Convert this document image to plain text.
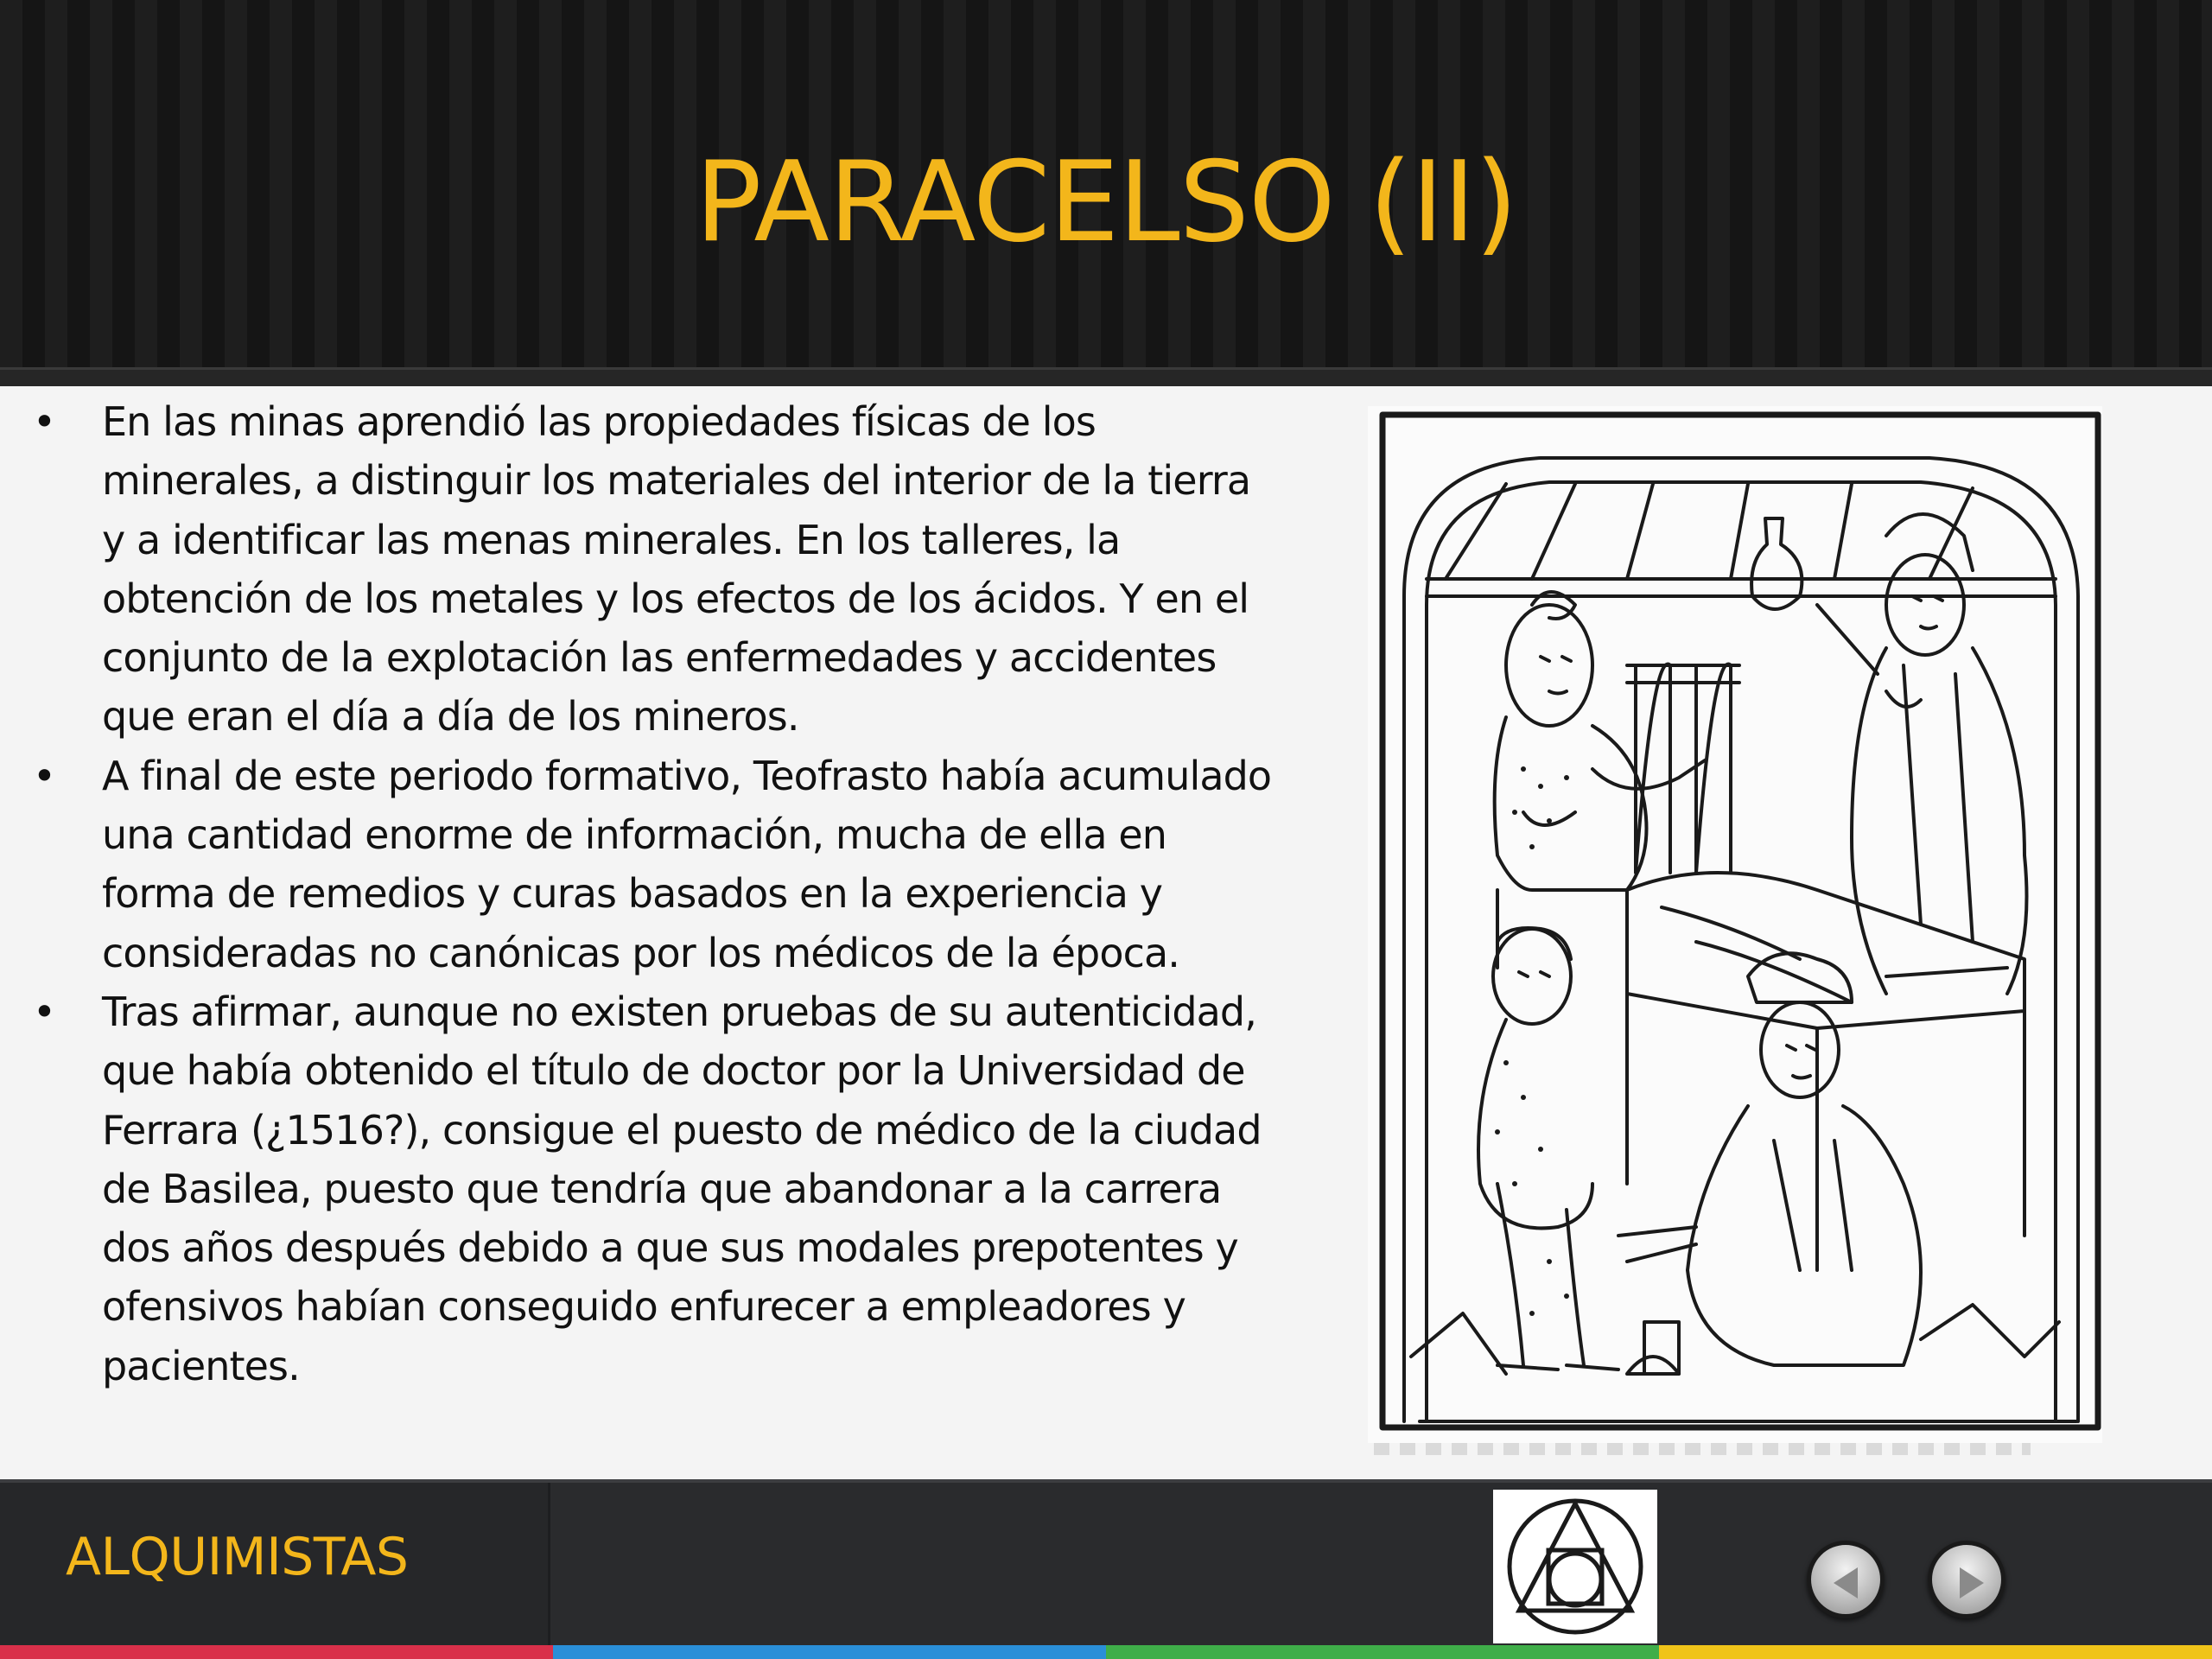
PARACELSO (II)
• En las minas aprendió las propiedades físicas de los minerales, a distinguir los materiales del interior de la tierra y a identificar las menas minerales. En los talleres, la obtención de los metales y los efectos de los ácidos. Y en el conjunto de la explotación las enfermedades y accidentes que eran el día a día de los mineros.
• A final de este periodo formativo, Teofrasto había acumulado una cantidad enorme de información, mucha de ella en forma de remedios y curas basados en la experiencia y consideradas no canónicas por los médicos de la época.
• Tras afirmar, aunque no existen pruebas de su autenticidad, que había obtenido el título de doctor por la Universidad de Ferrara (¿1516?), consigue el puesto de médico de la ciudad de Basilea, puesto que tendría que abandonar a la carrera dos años después debido a que sus modales prepotentes y ofensivos habían conseguido enfurecer a empleadores y pacientes.
ALQUIMISTAS
